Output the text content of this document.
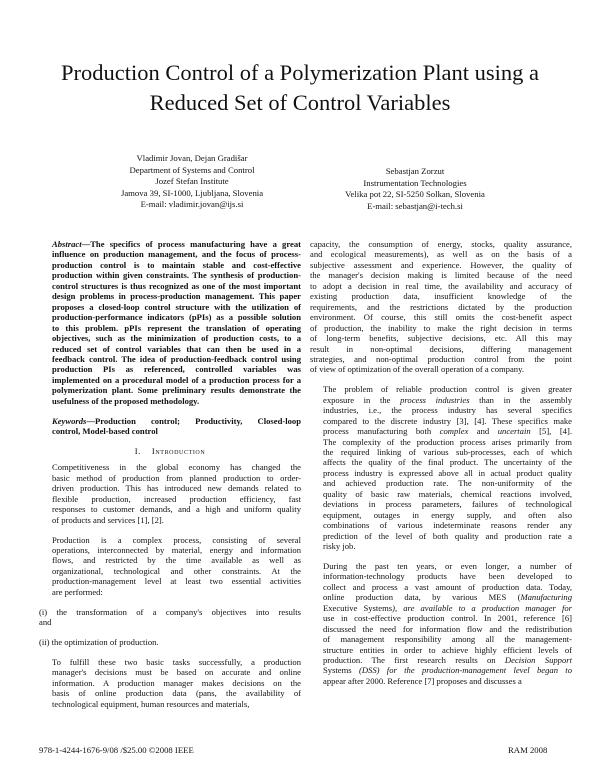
Production Control of a Polymerization Plant using a
Reduced Set of Control Variables
Vladimir Jovan, Dejan Gradišar
Department of Systems and Control
Jozef Stefan Institute
Jamova 39, SI-1000, Ljubljana, Slovenia
E-mail: vladimir.jovan@ijs.si
Sebastjan Zorzut
Instrumentation Technologies
Velika pot 22, SI-5250 Solkan, Slovenia
E-mail: sebastjan@i-tech.si
Abstract—The specifics of process manufacturing have a great
influence on production management, and the focus of process-
production control is to maintain stable and cost-effective
production within given constraints. The synthesis of production-
control structures is thus recognized as one of the most important
design problems in process-production management. This paper
proposes a closed-loop control structure with the utilization of
production-performance indicators (pPIs) as a possible solution
to this problem. pPIs represent the translation of operating
objectives, such as the minimization of production costs, to a
reduced set of control variables that can then be used in a
feedback control. The idea of production-feedback control using
production PIs as referenced, controlled variables was
implemented on a procedural model of a production process for a
polymerization plant. Some preliminary results demonstrate the
usefulness of the proposed methodology.
Keywords—Production control; Productivity, Closed-loop
control, Model-based control
I. Introduction
Competitiveness in the global economy has changed the
basic method of production from planned production to order-
driven production. This has introduced new demands related to
flexible production, increased production efficiency, fast
responses to customer demands, and a high and uniform quality
of products and services [1], [2].
Production is a complex process, consisting of several
operations, interconnected by material, energy and information
flows, and restricted by the time available as well as
organizational, technological and other constraints. At the
production-management level at least two essential activities
are performed:
(i) the transformation of a company's objectives into results
and
(ii) the optimization of production.
To fulfill these two basic tasks successfully, a production
manager's decisions must be based on accurate and online
information. A production manager makes decisions on the
basis of online production data (pans, the availability of
technological equipment, human resources and materials,
capacity, the consumption of energy, stocks, quality assurance,
and ecological measurements), as well as on the basis of a
subjective assessment and experience. However, the quality of
the manager's decision making is limited because of the need
to adopt a decision in real time, the availability and accuracy of
existing production data, insufficient knowledge of the
requirements, and the restrictions dictated by the production
environment. Of course, this still omits the cost-benefit aspect
of production, the inability to make the right decision in terms
of long-term benefits, subjective decisions, etc. All this may
result in non-optimal decisions, differing management
strategies, and non-optimal production control from the point
of view of optimization of the overall operation of a company.
The problem of reliable production control is given greater
exposure in the process industries than in the assembly
industries, i.e., the process industry has several specifics
compared to the discrete industry [3], [4]. These specifics make
process manufacturing both complex and uncertain [5], [4].
The complexity of the production process arises primarily from
the required linking of various sub-processes, each of which
affects the quality of the final product. The uncertainty of the
process industry is expressed above all in actual product quality
and achieved production rate. The non-uniformity of the
quality of basic raw materials, chemical reactions involved,
deviations in process parameters, failures of technological
equipment, outages in energy supply, and often also
combinations of various indeterminate reasons render any
prediction of the level of both quality and production rate a
risky job.
During the past ten years, or even longer, a number of
information-technology products have been developed to
collect and process a vast amount of production data. Today,
online production data, by various MES (Manufacturing
Executive Systems), are available to a production manager for
use in cost-effective production control. In 2001, reference [6]
discussed the need for information flow and the redistribution
of management responsibility among all the management-
structure entities in order to achieve highly efficient levels of
production. The first research results on Decision Support
Systems (DSS) for the production-management level began to
appear after 2000. Reference [7] proposes and discusses a
978-1-4244-1676-9/08 /$25.00 ©2008 IEEE	RAM 2008
